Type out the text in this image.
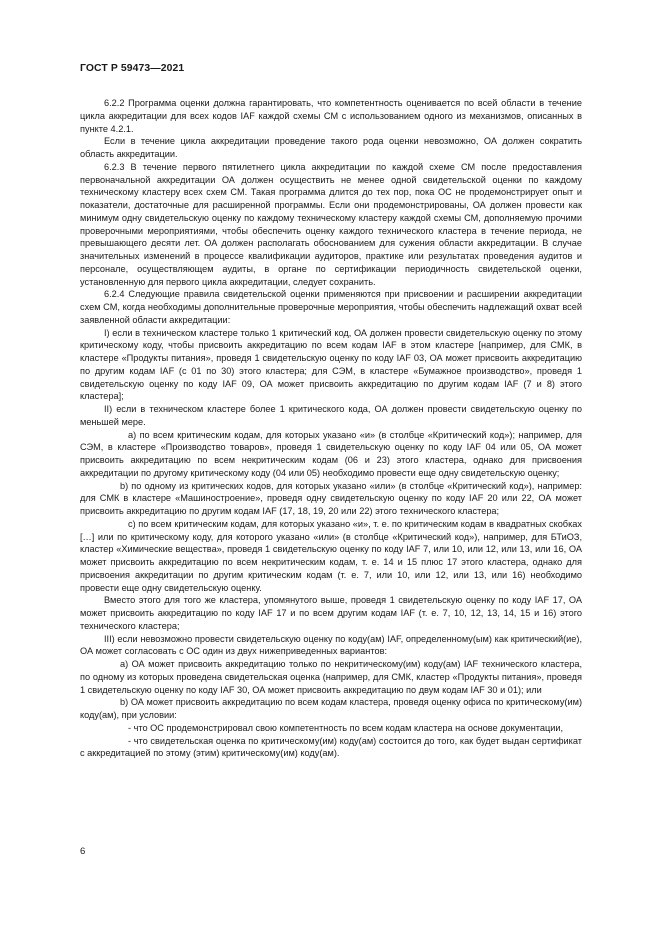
ГОСТ Р 59473—2021

6.2.2 Программа оценки должна гарантировать, что компетентность оценивается по всей области в течение цикла аккредитации для всех кодов IAF каждой схемы СМ с использованием одного из механизмов, описанных в пункте 4.2.1.

Если в течение цикла аккредитации проведение такого рода оценки невозможно, ОА должен сократить область аккредитации.

6.2.3 В течение первого пятилетнего цикла аккредитации по каждой схеме СМ после предоставления первоначальной аккредитации ОА должен осуществить не менее одной свидетельской оценки по каждому техническому кластеру всех схем СМ. Такая программа длится до тех пор, пока ОС не продемонстрирует опыт и показатели, достаточные для расширенной программы. Если они продемонстрированы, ОА должен провести как минимум одну свидетельскую оценку по каждому техническому кластеру каждой схемы СМ, дополняемую прочими проверочными мероприятиями, чтобы обеспечить оценку каждого технического кластера в течение периода, не превышающего десяти лет. ОА должен располагать обоснованием для сужения области аккредитации. В случае значительных изменений в процессе квалификации аудиторов, практике или результатах проведения аудитов и персонале, осуществляющем аудиты, в органе по сертификации периодичность свидетельской оценки, установленную для первого цикла аккредитации, следует сохранить.

6.2.4 Следующие правила свидетельской оценки применяются при присвоении и расширении аккредитации схем СМ, когда необходимы дополнительные проверочные мероприятия, чтобы обеспечить надлежащий охват всей заявленной области аккредитации:

I) если в техническом кластере только 1 критический код, ОА должен провести свидетельскую оценку по этому критическому коду, чтобы присвоить аккредитацию по всем кодам IAF в этом кластере [например, для СМК, в кластере «Продукты питания», проведя 1 свидетельскую оценку по коду IAF 03, ОА может присвоить аккредитацию по другим кодам IAF (с 01 по 30) этого кластера; для СЭМ, в кластере «Бумажное производство», проведя 1 свидетельскую оценку по коду IAF 09, ОА может присвоить аккредитацию по другим кодам IAF (7 и 8) этого кластера];

II) если в техническом кластере более 1 критического кода, ОА должен провести свидетельскую оценку по меньшей мере.

а) по всем критическим кодам, для которых указано «и» (в столбце «Критический код»); например, для СЭМ, в кластере «Производство товаров», проведя 1 свидетельскую оценку по коду IAF 04 или 05, ОА может присвоить аккредитацию по всем некритическим кодам (06 и 23) этого кластера, однако для присвоения аккредитации по другому критическому коду (04 или 05) необходимо провести еще одну свидетельскую оценку;

b) по одному из критических кодов, для которых указано «или» (в столбце «Критический код»), например: для СМК в кластере «Машиностроение», проведя одну свидетельскую оценку по коду IAF 20 или 22, ОА может присвоить аккредитацию по другим кодам IAF (17, 18, 19, 20 или 22) этого технического кластера;

c) по всем критическим кодам, для которых указано «и», т. е. по критическим кодам в квадратных скобках […] или по критическому коду, для которого указано «или» (в столбце «Критический код»), например, для БТиОЗ, кластер «Химические вещества», проведя 1 свидетельскую оценку по коду IAF 7, или 10, или 12, или 13, или 16, ОА может присвоить аккредитацию по всем некритическим кодам, т. е. 14 и 15 плюс 17 этого кластера, однако для присвоения аккредитации по другим критическим кодам (т. е. 7, или 10, или 12, или 13, или 16) необходимо провести еще одну свидетельскую оценку.

Вместо этого для того же кластера, упомянутого выше, проведя 1 свидетельскую оценку по коду IAF 17, ОА может присвоить аккредитацию по коду IAF 17 и по всем другим кодам IAF (т. е. 7, 10, 12, 13, 14, 15 и 16) этого технического кластера;

III) если невозможно провести свидетельскую оценку по коду(ам) IAF, определенному(ым) как критический(ие), ОА может согласовать с ОС один из двух нижеприведенных вариантов:

а) ОА может присвоить аккредитацию только по некритическому(им) коду(ам) IAF технического кластера, по одному из которых проведена свидетельская оценка (например, для СМК, кластер «Продукты питания», проведя 1 свидетельскую оценку по коду IAF 30, ОА может присвоить аккредитацию по двум кодам IAF 30 и 01); или

b) ОА может присвоить аккредитацию по всем кодам кластера, проведя оценку офиса по критическому(им) коду(ам), при условии:

- что ОС продемонстрировал свою компетентность по всем кодам кластера на основе документации,

- что свидетельская оценка по критическому(им) коду(ам) состоится до того, как будет выдан сертификат с аккредитацией по этому (этим) критическому(им) коду(ам).

6
